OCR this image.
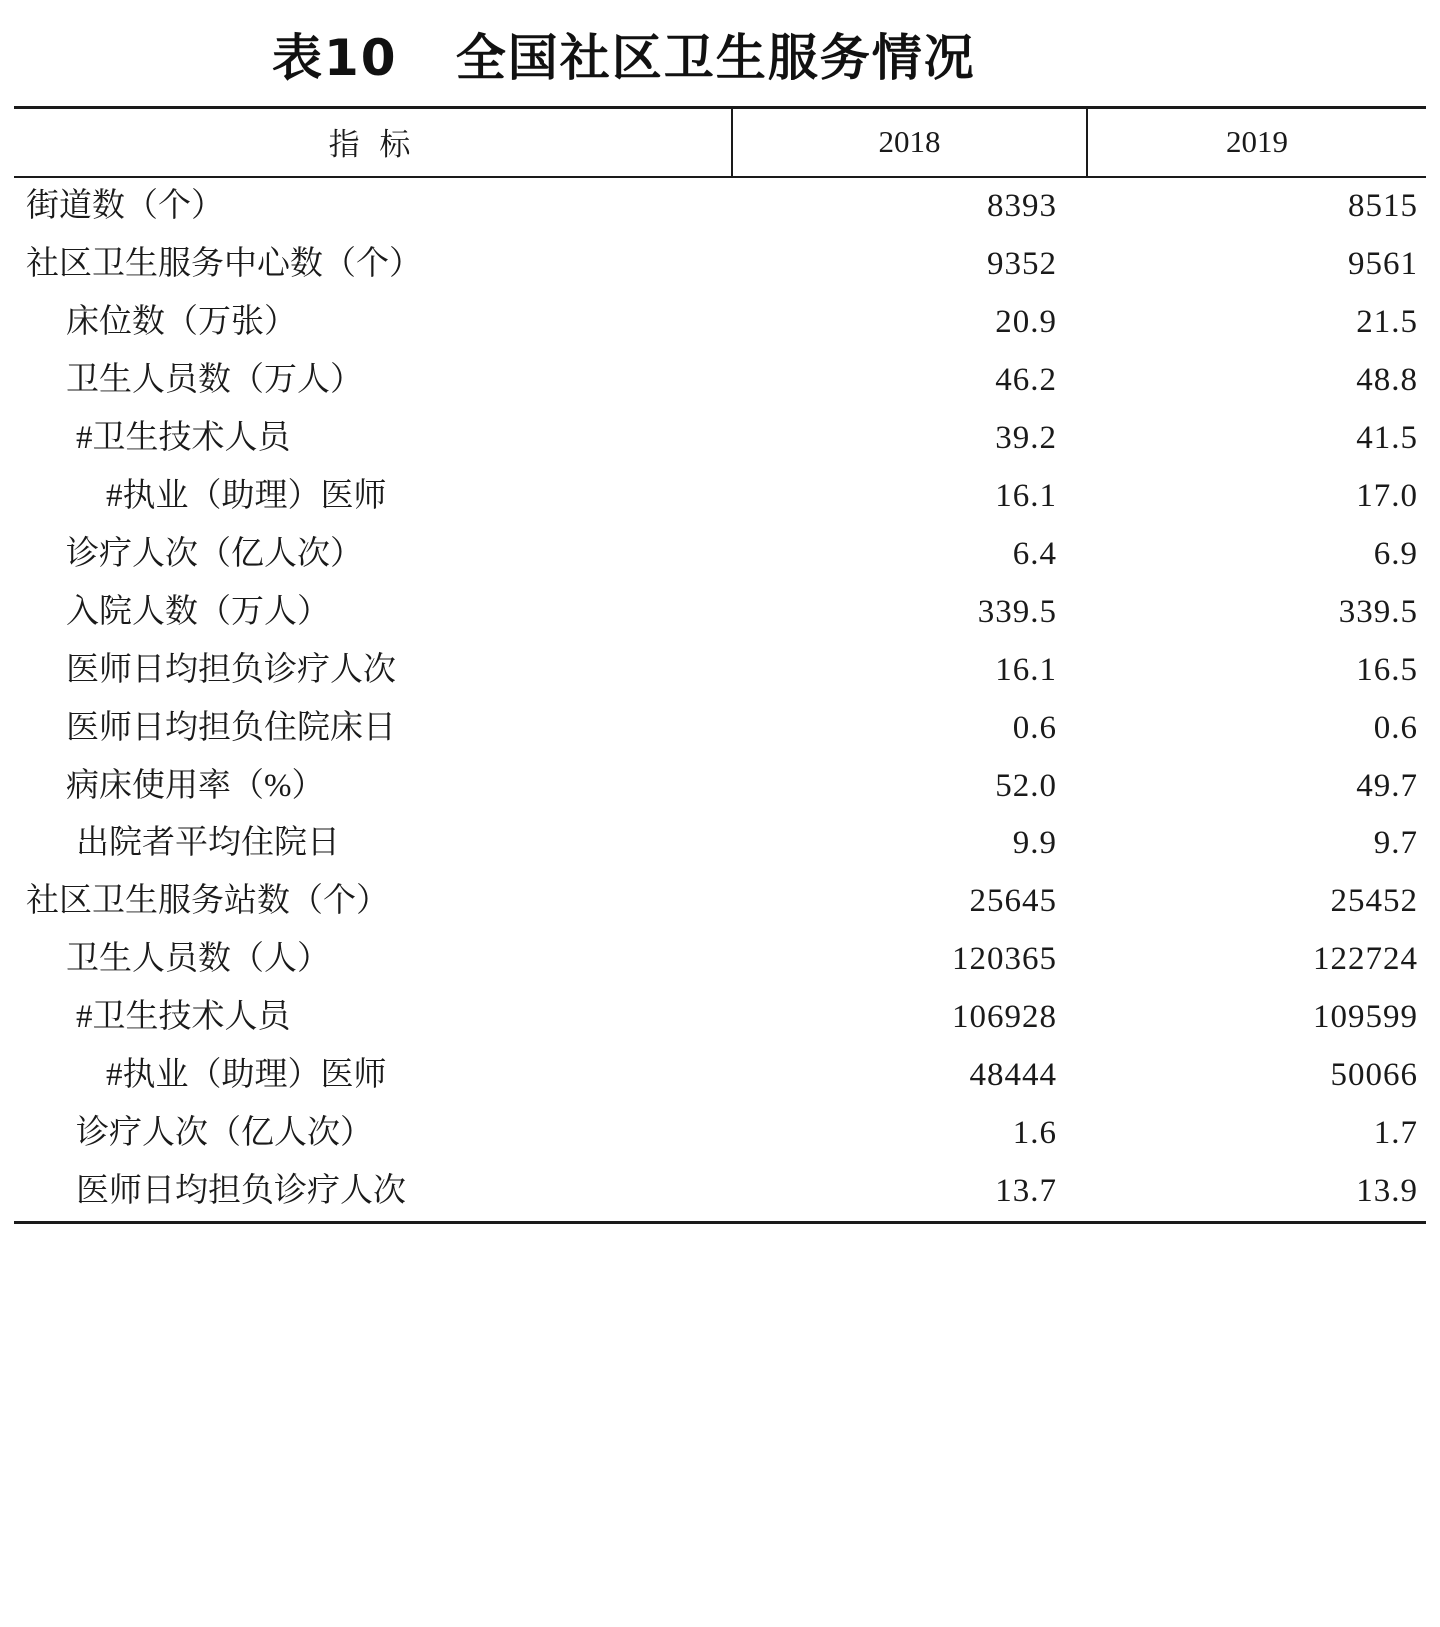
表10   全国社区卫生服务情况
指 标	2018	2019
街道数（个）	8393	8515
社区卫生服务中心数（个）	9352	9561
床位数（万张）	20.9	21.5
卫生人员数（万人）	46.2	48.8
#卫生技术人员	39.2	41.5
#执业（助理）医师	16.1	17.0
诊疗人次（亿人次）	6.4	6.9
入院人数（万人）	339.5	339.5
医师日均担负诊疗人次	16.1	16.5
医师日均担负住院床日	0.6	0.6
病床使用率（%）	52.0	49.7
出院者平均住院日	9.9	9.7
社区卫生服务站数（个）	25645	25452
卫生人员数（人）	120365	122724
#卫生技术人员	106928	109599
#执业（助理）医师	48444	50066
诊疗人次（亿人次）	1.6	1.7
医师日均担负诊疗人次	13.7	13.9
